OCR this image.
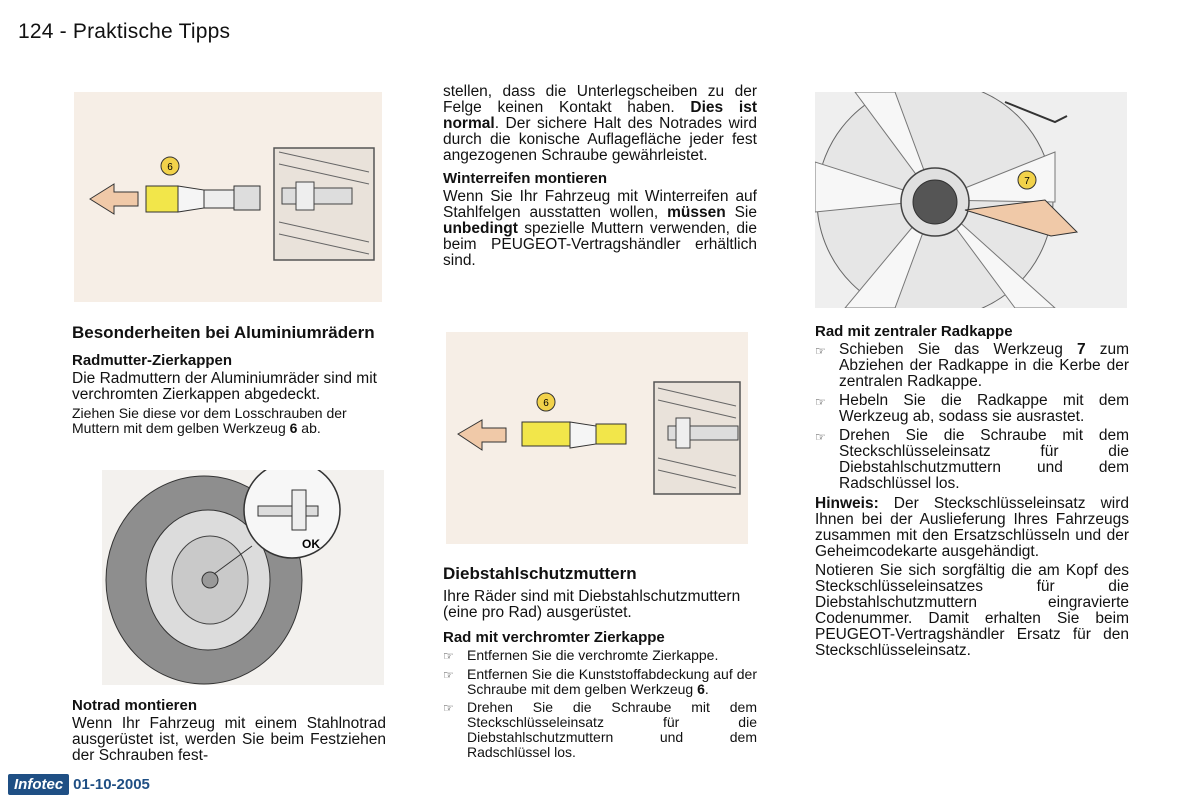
124 - Praktische Tipps
6
Besonderheiten bei Aluminiumrädern
Radmutter-Zierkappen

Die Radmuttern der Aluminiumräder sind mit verchromten Zierkappen abgedeckt.

Ziehen Sie diese vor dem Losschrauben der Muttern mit dem gelben Werkzeug 6 ab.

OK
Notrad montieren

Wenn Ihr Fahrzeug mit einem Stahlnotrad ausgerüstet ist, werden Sie beim Festziehen der Schrauben fest-

stellen, dass die Unterlegscheiben zu der Felge keinen Kontakt haben. Dies ist normal. Der sichere Halt des Notrades wird durch die konische Auflagefläche jeder fest angezogenen Schraube gewährleistet.

Winterreifen montieren

Wenn Sie Ihr Fahrzeug mit Winterreifen auf Stahlfelgen ausstatten wollen, müssen Sie unbedingt spezielle Muttern verwenden, die beim PEUGEOT-Vertragshändler erhältlich sind.

6
Diebstahlschutzmuttern

Ihre Räder sind mit Diebstahlschutzmuttern (eine pro Rad) ausgerüstet.

Rad mit verchromter Zierkappe
☞ Entfernen Sie die verchromte Zierkappe.
☞ Entfernen Sie die Kunststoffabdeckung auf der Schraube mit dem gelben Werkzeug 6.
☞ Drehen Sie die Schraube mit dem Steckschlüsseleinsatz für die Diebstahlschutzmuttern und dem Radschlüssel los.
7
Rad mit zentraler Radkappe
☞ Schieben Sie das Werkzeug 7 zum Abziehen der Radkappe in die Kerbe der zentralen Radkappe.
☞ Hebeln Sie die Radkappe mit dem Werkzeug ab, sodass sie ausrastet.
☞ Drehen Sie die Schraube mit dem Steckschlüsseleinsatz für die Diebstahlschutzmuttern und dem Radschlüssel los.

Hinweis: Der Steckschlüsseleinsatz wird Ihnen bei der Auslieferung Ihres Fahrzeugs zusammen mit den Ersatzschlüsseln und der Geheimcodekarte ausgehändigt.

Notieren Sie sich sorgfältig die am Kopf des Steckschlüsseleinsatzes für die Diebstahlschutzmuttern eingravierte Codenummer. Damit erhalten Sie beim PEUGEOT-Vertragshändler Ersatz für den Steckschlüsseleinsatz.

Infotec 01-10-2005
